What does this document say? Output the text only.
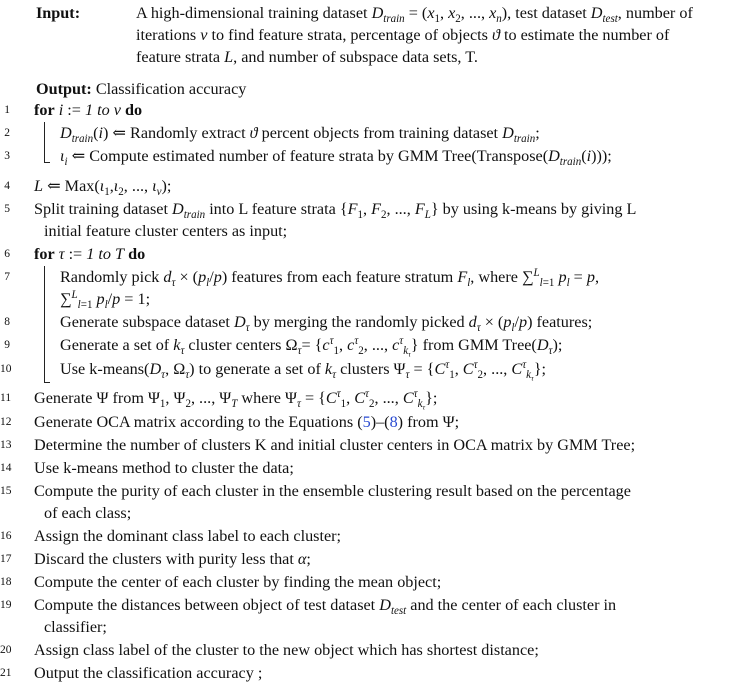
Input:	A high-dimensional training dataset $D_{train} = (x_1$, $x_2$, ..., $x_n$), test dataset $D_{test}$, number of iterations ν to find feature strata, percentage of objects ϑ to estimate the number of feature strata L, and number of subspace data sets, T.
Output: Classification accuracy
1 for i := 1 to ν do
2	$D_{train}(i)$ ⇐ Randomly extract ϑ percent objects from training dataset $D_{train}$;
3	$\iota_i$ ⇐ Compute estimated number of feature strata by GMM $Tree(Transpose(D_{train}(i)))$;
4 L ⇐ $Max(\iota_1,\iota_2$, ..., $\iota_\nu$);
5 Split training dataset $D_{train}$ into L feature strata {$F_1$, $F_2$, ..., $F_L$} by using k-means by giving L
initial feature cluster centers as input;
6 for τ := 1 to T do
7	Randomly pick $d_\tau \times (p_l/p)$ features from each feature stratum $F_l$, where ∑$^L_{l=1}$ $p_l = p$,
∑$^L_{l=1}$ $p_l/p = 1$;
8	Generate subspace dataset $D_\tau$ by merging the randomly picked $d_\tau \times (p_l/p)$ features;
9	Generate a set of $k_\tau$ cluster centers $\Omega_\tau= \{c^\tau_1$, $c^\tau_2$, ..., $c^\tau_{k_\tau}$} from GMM $Tree(D_\tau)$;
10	Use $k-means(D_\tau$, $\Omega_\tau$) to generate a set of $k_\tau$ clusters $\Psi_\tau = \{C^\tau_1$, $C^\tau_2$, ..., $C^\tau_{k_\tau}$};
11 Generate Ψ from $\Psi_1$, $\Psi_2$, ..., $\Psi_T$ where $\Psi_\tau = \{C^\tau_1$, $C^\tau_2$, ..., $C^\tau_{k_\tau}$};
12 Generate OCA matrix according to the Equations (5)–(8) from Ψ;
13 Determine the number of clusters K and initial cluster centers in OCA matrix by GMM Tree;
14 Use k-means method to cluster the data;
15 Compute the purity of each cluster in the ensemble clustering result based on the percentage
of each class;
16 Assign the dominant class label to each cluster;
17 Discard the clusters with purity less that α;
18 Compute the center of each cluster by finding the mean object;
19 Compute the distances between object of test dataset $D_{test}$ and the center of each cluster in
classifier;
20 Assign class label of the cluster to the new object which has shortest distance;
21 Output the classification accuracy ;
